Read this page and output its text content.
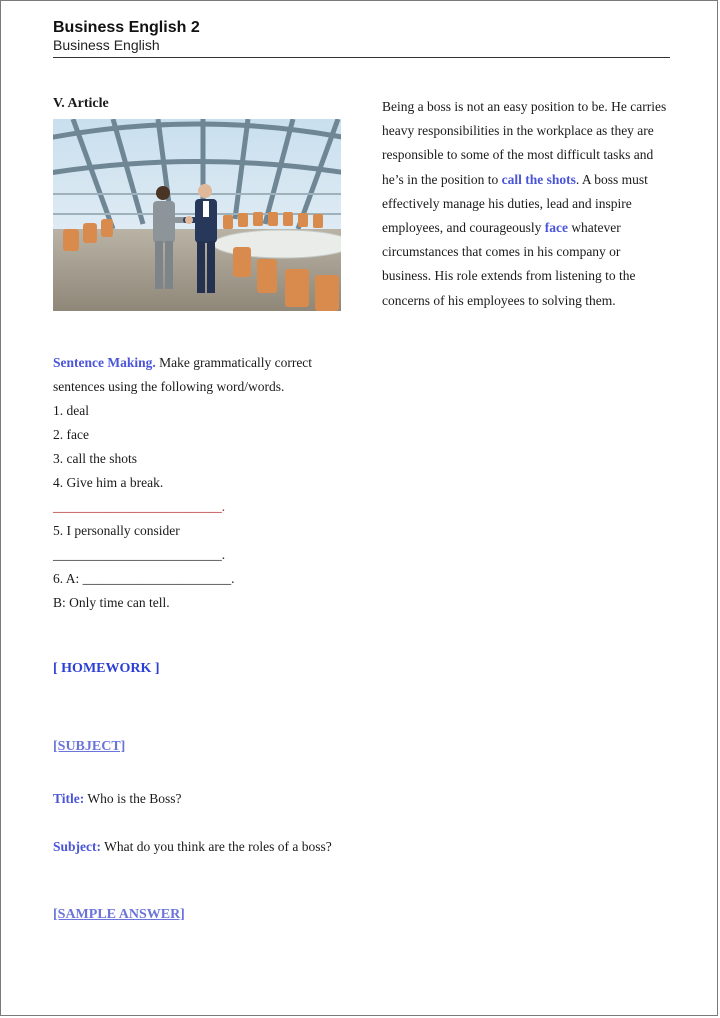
Business English 2
Business English
V. Article	Being a boss is not an easy position to be. He carries heavy responsibilities in the workplace as they are responsible to some of the most difficult tasks and he’s in the position to call the shots. A boss must effectively manage his duties, lead and inspire employees, and courageously face whatever circumstances that comes in his company or business. His role extends from listening to the concerns of his employees to solving them.

Sentence Making. Make grammatically correct sentences using the following word/words.

1. deal
2. face
3. call the shots
4. Give him a break.
_________________________.
5. I personally consider
_________________________.
6. A: ______________________.
B: Only time can tell.
[ HOMEWORK ]
[SUBJECT]

Title: Who is the Boss?

Subject: What do you think are the roles of a boss?

[SAMPLE ANSWER]
